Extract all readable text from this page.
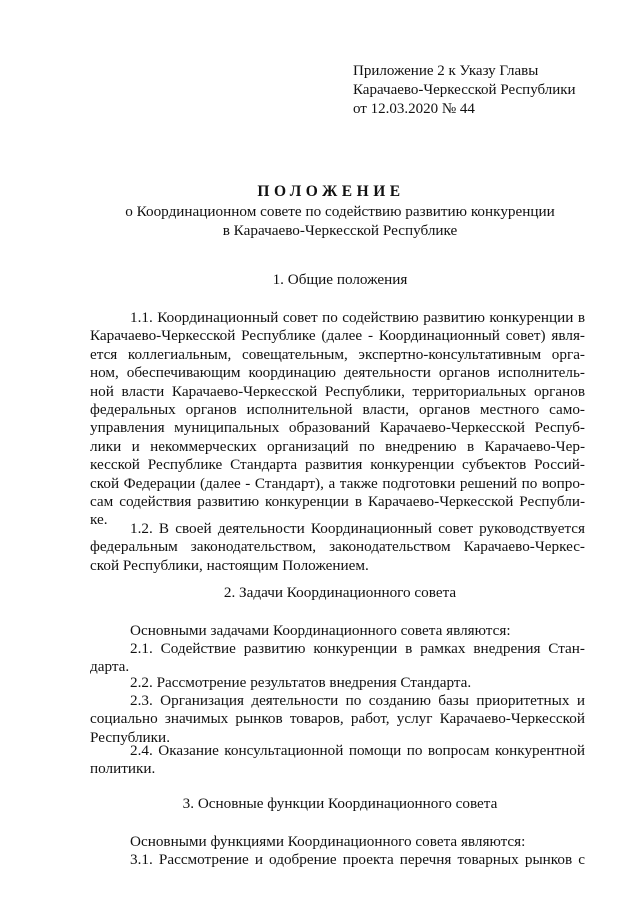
Приложение 2 к Указу Главы
Карачаево-Черкесской Республики
от 12.03.2020 № 44
ПОЛОЖЕНИЕ
о Координационном совете по содействию развитию конкуренции
в Карачаево-Черкесской Республике
1. Общие положения
1.1. Координационный совет по содействию развитию конкуренции в
Карачаево-Черкесской Республике (далее - Координационный совет) явля-
ется коллегиальным, совещательным, экспертно-консультативным орга-
ном, обеспечивающим координацию деятельности органов исполнитель-
ной власти Карачаево-Черкесской Республики, территориальных органов
федеральных органов исполнительной власти, органов местного само-
управления муниципальных образований Карачаево-Черкесской Респуб-
лики и некоммерческих организаций по внедрению в Карачаево-Чер-
кесской Республике Стандарта развития конкуренции субъектов Россий-
ской Федерации (далее - Стандарт), а также подготовки решений по вопро-
сам содействия развитию конкуренции в Карачаево-Черкесской Республи-
ке.
1.2. В своей деятельности Координационный совет руководствуется
федеральным законодательством, законодательством Карачаево-Черкес-
ской Республики, настоящим Положением.
2. Задачи Координационного совета
Основными задачами Координационного совета являются:
2.1. Содействие развитию конкуренции в рамках внедрения Стан-
дарта.
2.2. Рассмотрение результатов внедрения Стандарта.
2.3. Организация деятельности по созданию базы приоритетных и
социально значимых рынков товаров, работ, услуг Карачаево-Черкесской
Республики.
2.4. Оказание консультационной помощи по вопросам конкурентной
политики.
3. Основные функции Координационного совета
Основными функциями Координационного совета являются:
3.1. Рассмотрение и одобрение проекта перечня товарных рынков с
